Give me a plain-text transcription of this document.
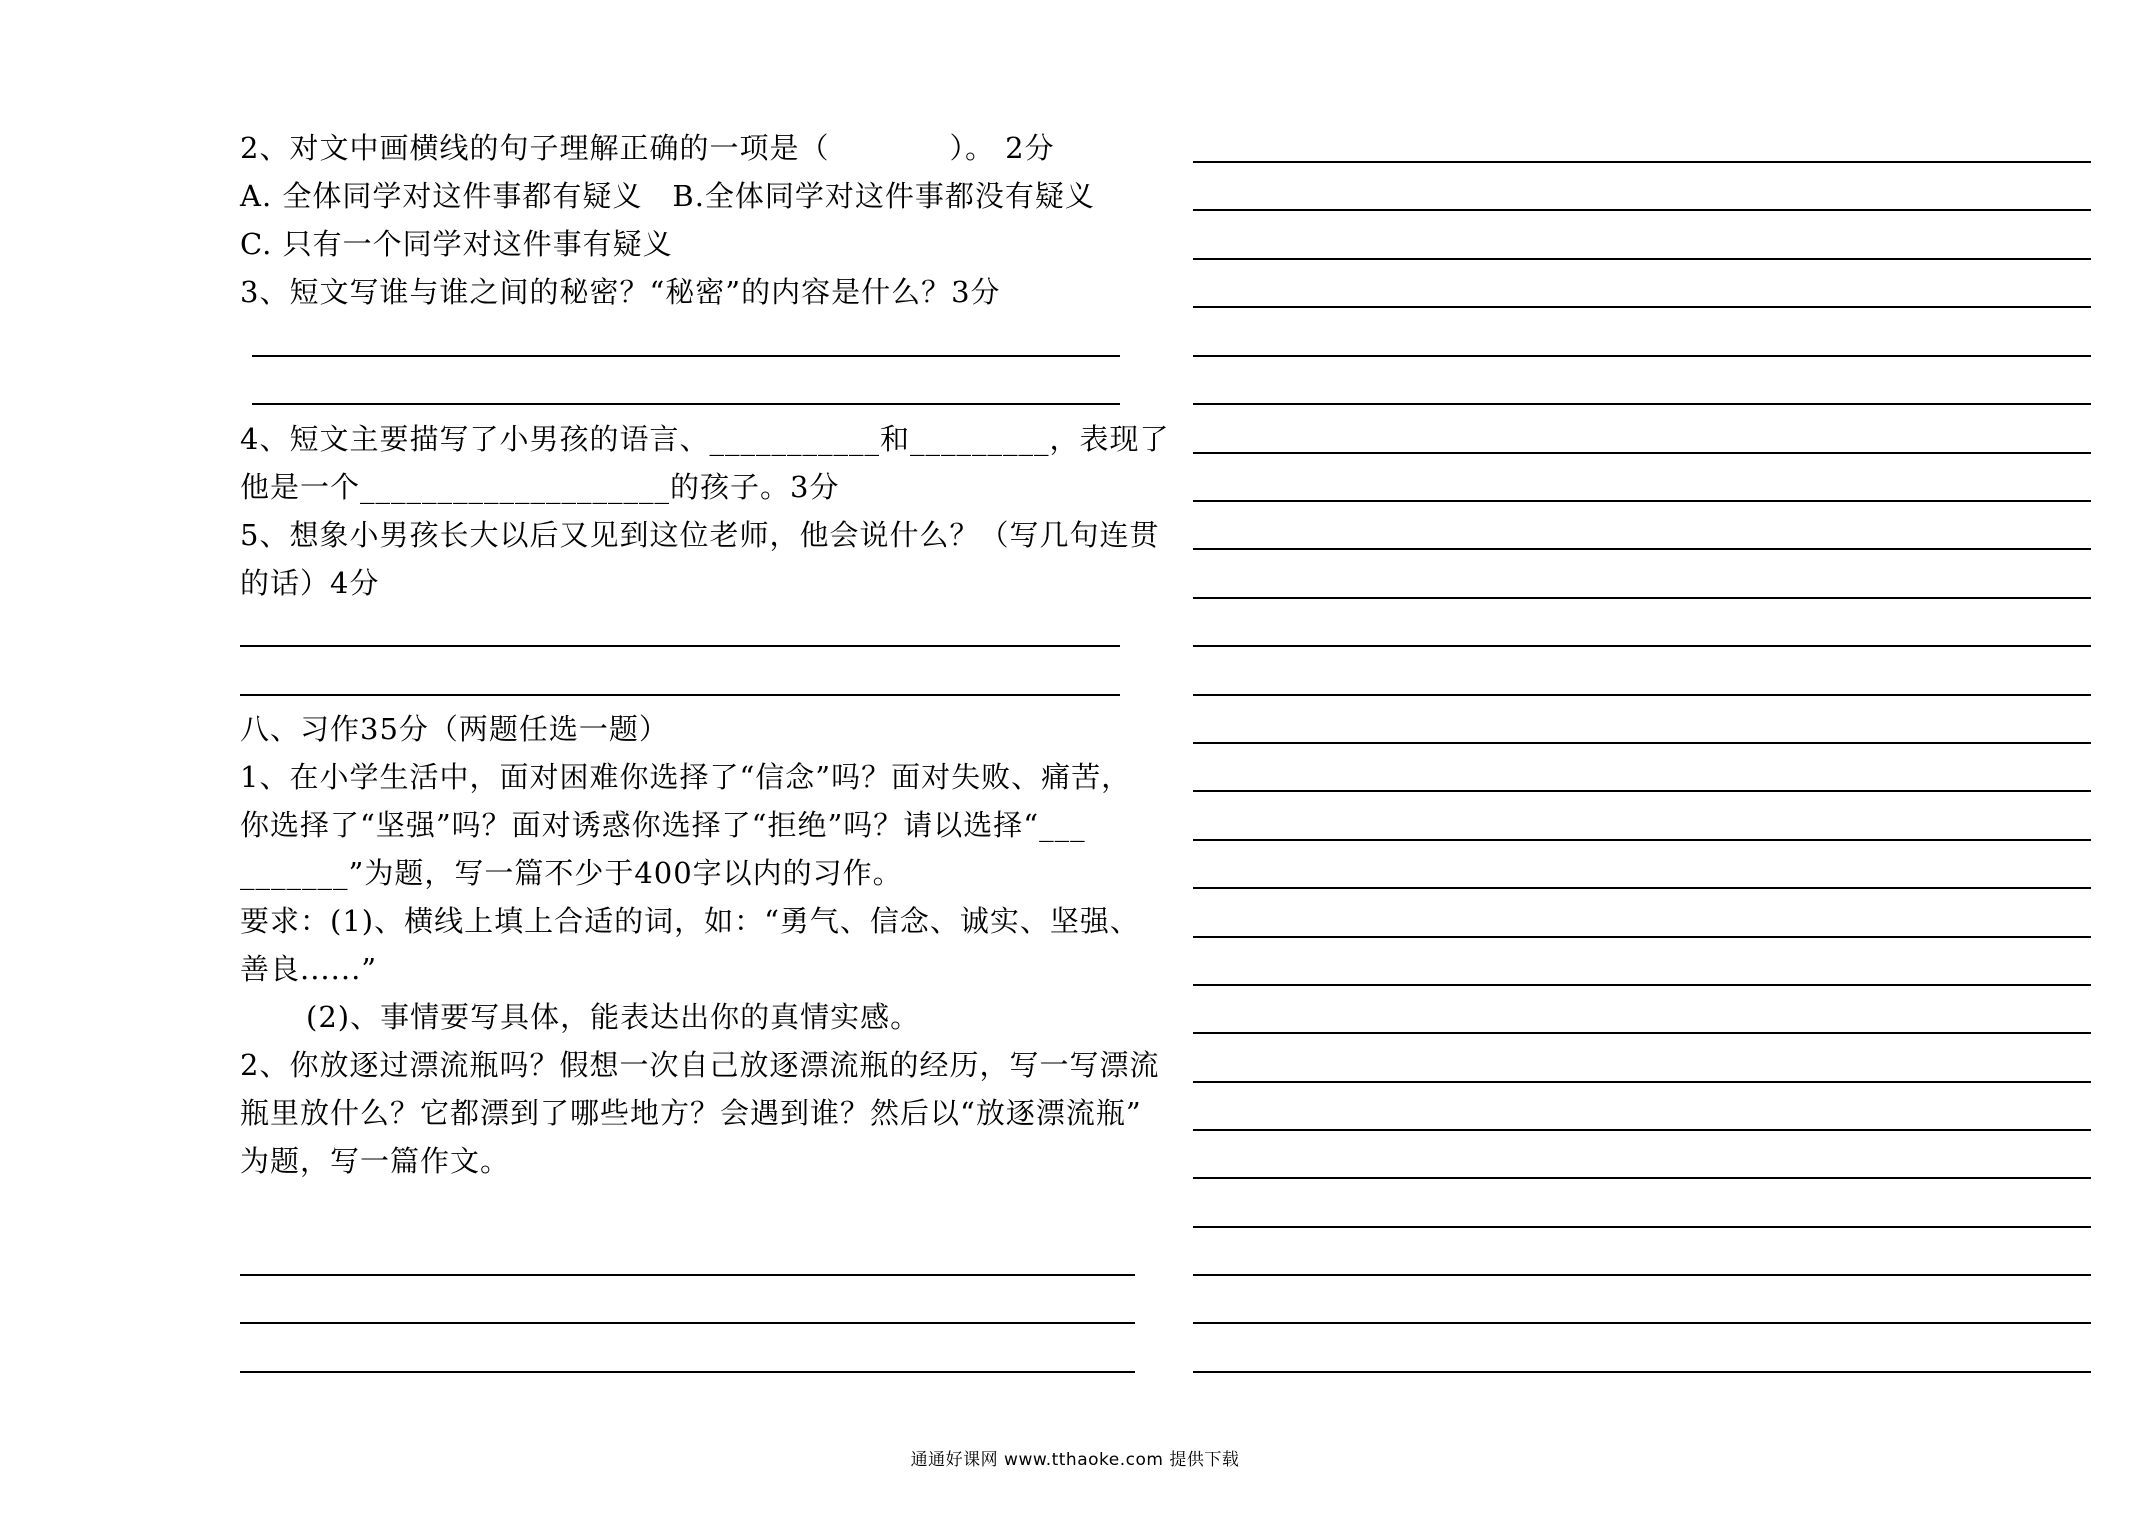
2、对文中画横线的句子理解正确的一项是（　　　　）。 2分
A. 全体同学对这件事都有疑义　B.全体同学对这件事都没有疑义
C. 只有一个同学对这件事有疑义
3、短文写谁与谁之间的秘密？“秘密”的内容是什么？3分
4、短文主要描写了小男孩的语言、___________和_________，表现了
他是一个____________________的孩子。3分
5、想象小男孩长大以后又见到这位老师，他会说什么？（写几句连贯
的话）4分
八、习作35分（两题任选一题）
1、在小学生活中，面对困难你选择了“信念”吗？面对失败、痛苦，
你选择了“坚强”吗？面对诱惑你选择了“拒绝”吗？请以选择“___
_______”为题，写一篇不少于400字以内的习作。
要求：(1)、横线上填上合适的词，如：“勇气、信念、诚实、坚强、
善良......”
(2)、事情要写具体，能表达出你的真情实感。
2、你放逐过漂流瓶吗？假想一次自己放逐漂流瓶的经历，写一写漂流
瓶里放什么？它都漂到了哪些地方？会遇到谁？然后以“放逐漂流瓶”
为题，写一篇作文。
通通好课网 www.tthaoke.com 提供下载
